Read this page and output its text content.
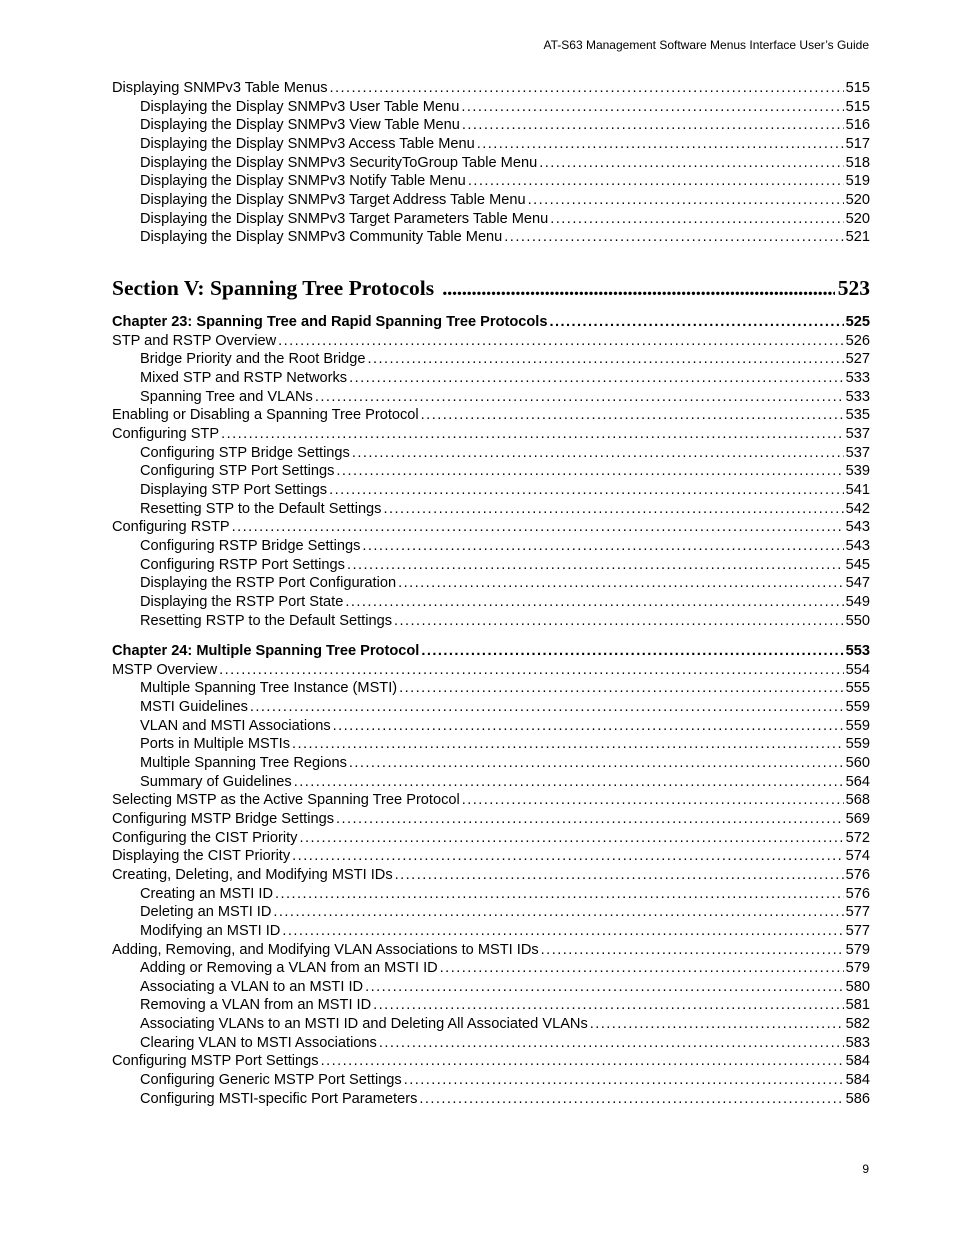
AT-S63 Management Software Menus Interface User’s Guide
Displaying SNMPv3 Table Menus . . .	515
Displaying the Display SNMPv3 User Table Menu . . .	515
Displaying the Display SNMPv3 View Table Menu . . .	516
Displaying the Display SNMPv3 Access Table Menu . . .	517
Displaying the Display SNMPv3 SecurityToGroup Table Menu . . .	518
Displaying the Display SNMPv3 Notify Table Menu . . .	519
Displaying the Display SNMPv3 Target Address Table Menu . . .	520
Displaying the Display SNMPv3 Target Parameters Table Menu . . .	520
Displaying the Display SNMPv3 Community Table Menu . . .	521
Section V: Spanning Tree Protocols .....	523
Chapter 23: Spanning Tree and Rapid Spanning Tree Protocols . . .	525
STP and RSTP Overview . . .	526
Bridge Priority and the Root Bridge . . .	527
Mixed STP and RSTP Networks . . .	533
Spanning Tree and VLANs . . .	533
Enabling or Disabling a Spanning Tree Protocol . . .	535
Configuring STP . . .	537
Configuring STP Bridge Settings . . .	537
Configuring STP Port Settings . . .	539
Displaying STP Port Settings . . .	541
Resetting STP to the Default Settings . . .	542
Configuring RSTP . . .	543
Configuring RSTP Bridge Settings . . .	543
Configuring RSTP Port Settings . . .	545
Displaying the RSTP Port Configuration . . .	547
Displaying the RSTP Port State . . .	549
Resetting RSTP to the Default Settings . . .	550
Chapter 24: Multiple Spanning Tree Protocol . . .	553
MSTP Overview . . .	554
Multiple Spanning Tree Instance (MSTI) . . .	555
MSTI Guidelines . . .	559
VLAN and MSTI Associations . . .	559
Ports in Multiple MSTIs . . .	559
Multiple Spanning Tree Regions . . .	560
Summary of Guidelines . . .	564
Selecting MSTP as the Active Spanning Tree Protocol . . .	568
Configuring MSTP Bridge Settings . . .	569
Configuring the CIST Priority . . .	572
Displaying the CIST Priority . . .	574
Creating, Deleting, and Modifying MSTI IDs . . .	576
Creating an MSTI ID . . .	576
Deleting an MSTI ID . . .	577
Modifying an MSTI ID . . .	577
Adding, Removing, and Modifying VLAN Associations to MSTI IDs . . .	579
Adding or Removing a VLAN from an MSTI ID . . .	579
Associating a VLAN to an MSTI ID . . .	580
Removing a VLAN from an MSTI ID . . .	581
Associating VLANs to an MSTI ID and Deleting All Associated VLANs . . .	582
Clearing VLAN to MSTI Associations . . .	583
Configuring MSTP Port Settings . . .	584
Configuring Generic MSTP Port Settings . . .	584
Configuring MSTI-specific Port Parameters . . .	586
9
